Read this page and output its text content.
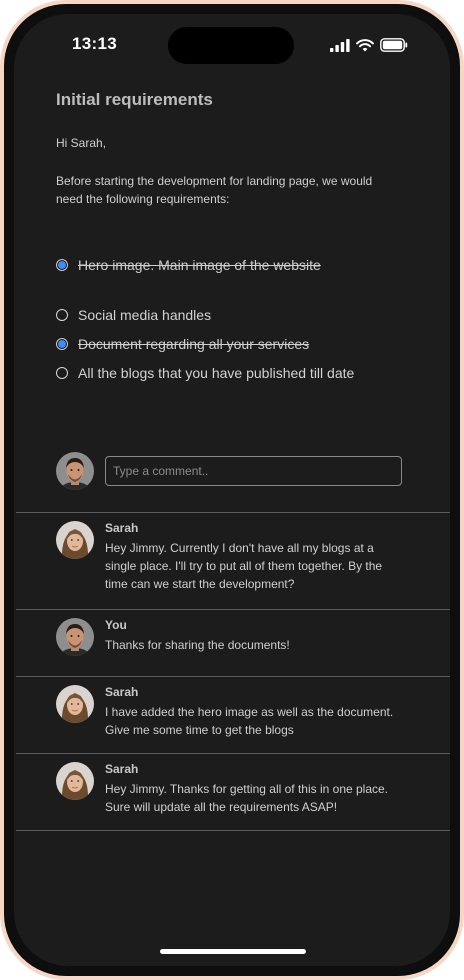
13:13
Initial requirements
Hi Sarah,
Before starting the development for landing page, we would need the following requirements:
Hero image. Main image of the website
Social media handles
Document regarding all your services
All the blogs that you have published till date
Type a comment..
Sarah
Hey Jimmy. Currently I don't have all my blogs at a single place. I'll try to put all of them together. By the time can we start the development?
You
Thanks for sharing the documents!
Sarah
I have added the hero image as well as the document. Give me some time to get the blogs
Sarah
Hey Jimmy. Thanks for getting all of this in one place. Sure will update all the requirements ASAP!
